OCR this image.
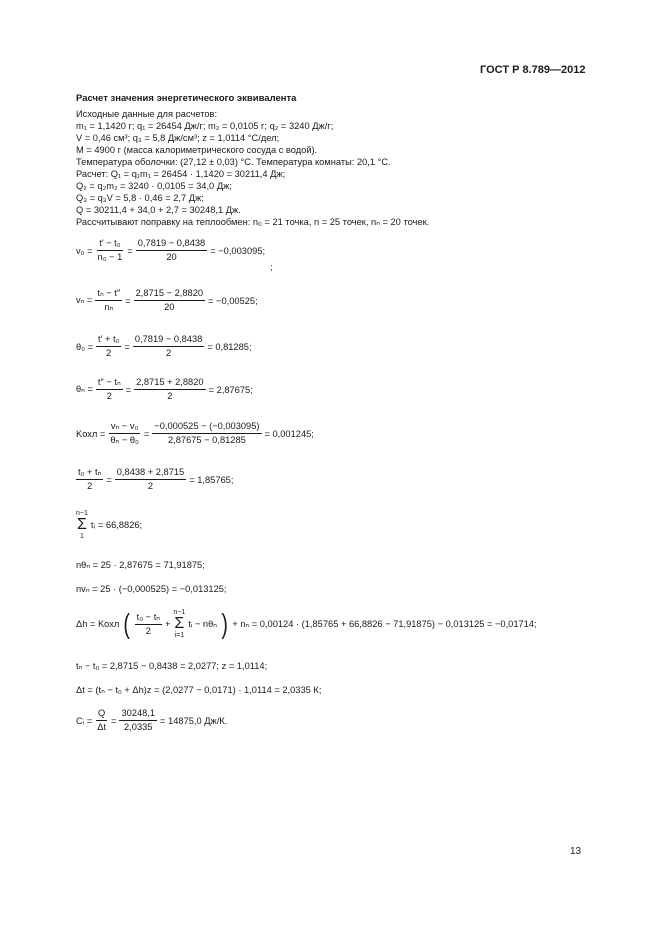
ГОСТ Р 8.789—2012
Расчет значения энергетического эквивалента
Исходные данные для расчетов:
m₁ = 1,1420 г; q₁ = 26454 Дж/г; m₂ = 0,0105 г; q₂ = 3240 Дж/г;
V = 0,46 см³; q₃ = 5,8 Дж/см³; z = 1,0114 °С/дел;
M = 4900 г (масса калориметрического сосуда с водой).
Температура оболочки: (27,12 ± 0,03) °С. Температура комнаты: 20,1 °С.
Расчет: Q₁ = q₁m₁ = 26454 · 1,1420 = 30211,4 Дж;
Q₂ = q₂m₂ = 3240 · 0,0105 = 34,0 Дж;
Q₃ = q₃V = 5,8 · 0,46 = 2,7 Дж;
Q = 30211,4 + 34,0 + 2,7 = 30248,1 Дж.
Рассчитывают поправку на теплообмен: n₀ = 21 точка, n = 25 точек, nₙ = 20 точек.
$v_0 = \frac{\text{t′ − t₀}}{\text{n₀ − 1}} = \frac{0,7819 - 0,8438}{20} = -0,003095$;
;
$v_n = \frac{\text{tₙ − t″}}{\text{nₙ}} = \frac{2,8715 - 2,8820}{20} = -0,00525$;
$\theta_0 = \frac{\text{t′ + t₀}}{2} = \frac{0,7819 - 0,8438}{2} = 0,81285$;
$\theta_n = \frac{\text{t″ − tₙ}}{2} = \frac{2,8715 + 2,8820}{2} = 2,87675$;
Kохл = $\frac{\text{vₙ − v₀}}{\text{θₙ − θ₀}} = \frac{-0,000525 - (-0,003095)}{2,87675 - 0,81285} = 0,001245$;
$\frac{\text{t₀ + tₙ}}{2} = \frac{0,8438 + 2,8715}{2} = 1,85765$;
n−1
Σ
1
tᵢ = 66,8826;
nθₙ = 25 · 2,87675 = 71,91875;
nvₙ = 25 · (−0,000525) = −0,013125;
Δh = Kохл ( $\frac{\text{t₀ − tₙ}}{2}$ +
n−1
Σ
i=1
tᵢ − nθₙ ) + nₙ = 0,00124 · (1,85765 + 66,8826 − 71,91875) − 0,013125 = −0,01714;
tₙ − t₀ = 2,8715 − 0,8438 = 2,0277; z = 1,0114;
Δt = (tₙ − t₀ + Δh)z = (2,0277 − 0,0171) · 1,0114 = 2,0335 К;
Cᵢ = $\frac{Q}{\Delta t} = \frac{30248,1}{2,0335} = 14875,0$ Дж/К.
13
